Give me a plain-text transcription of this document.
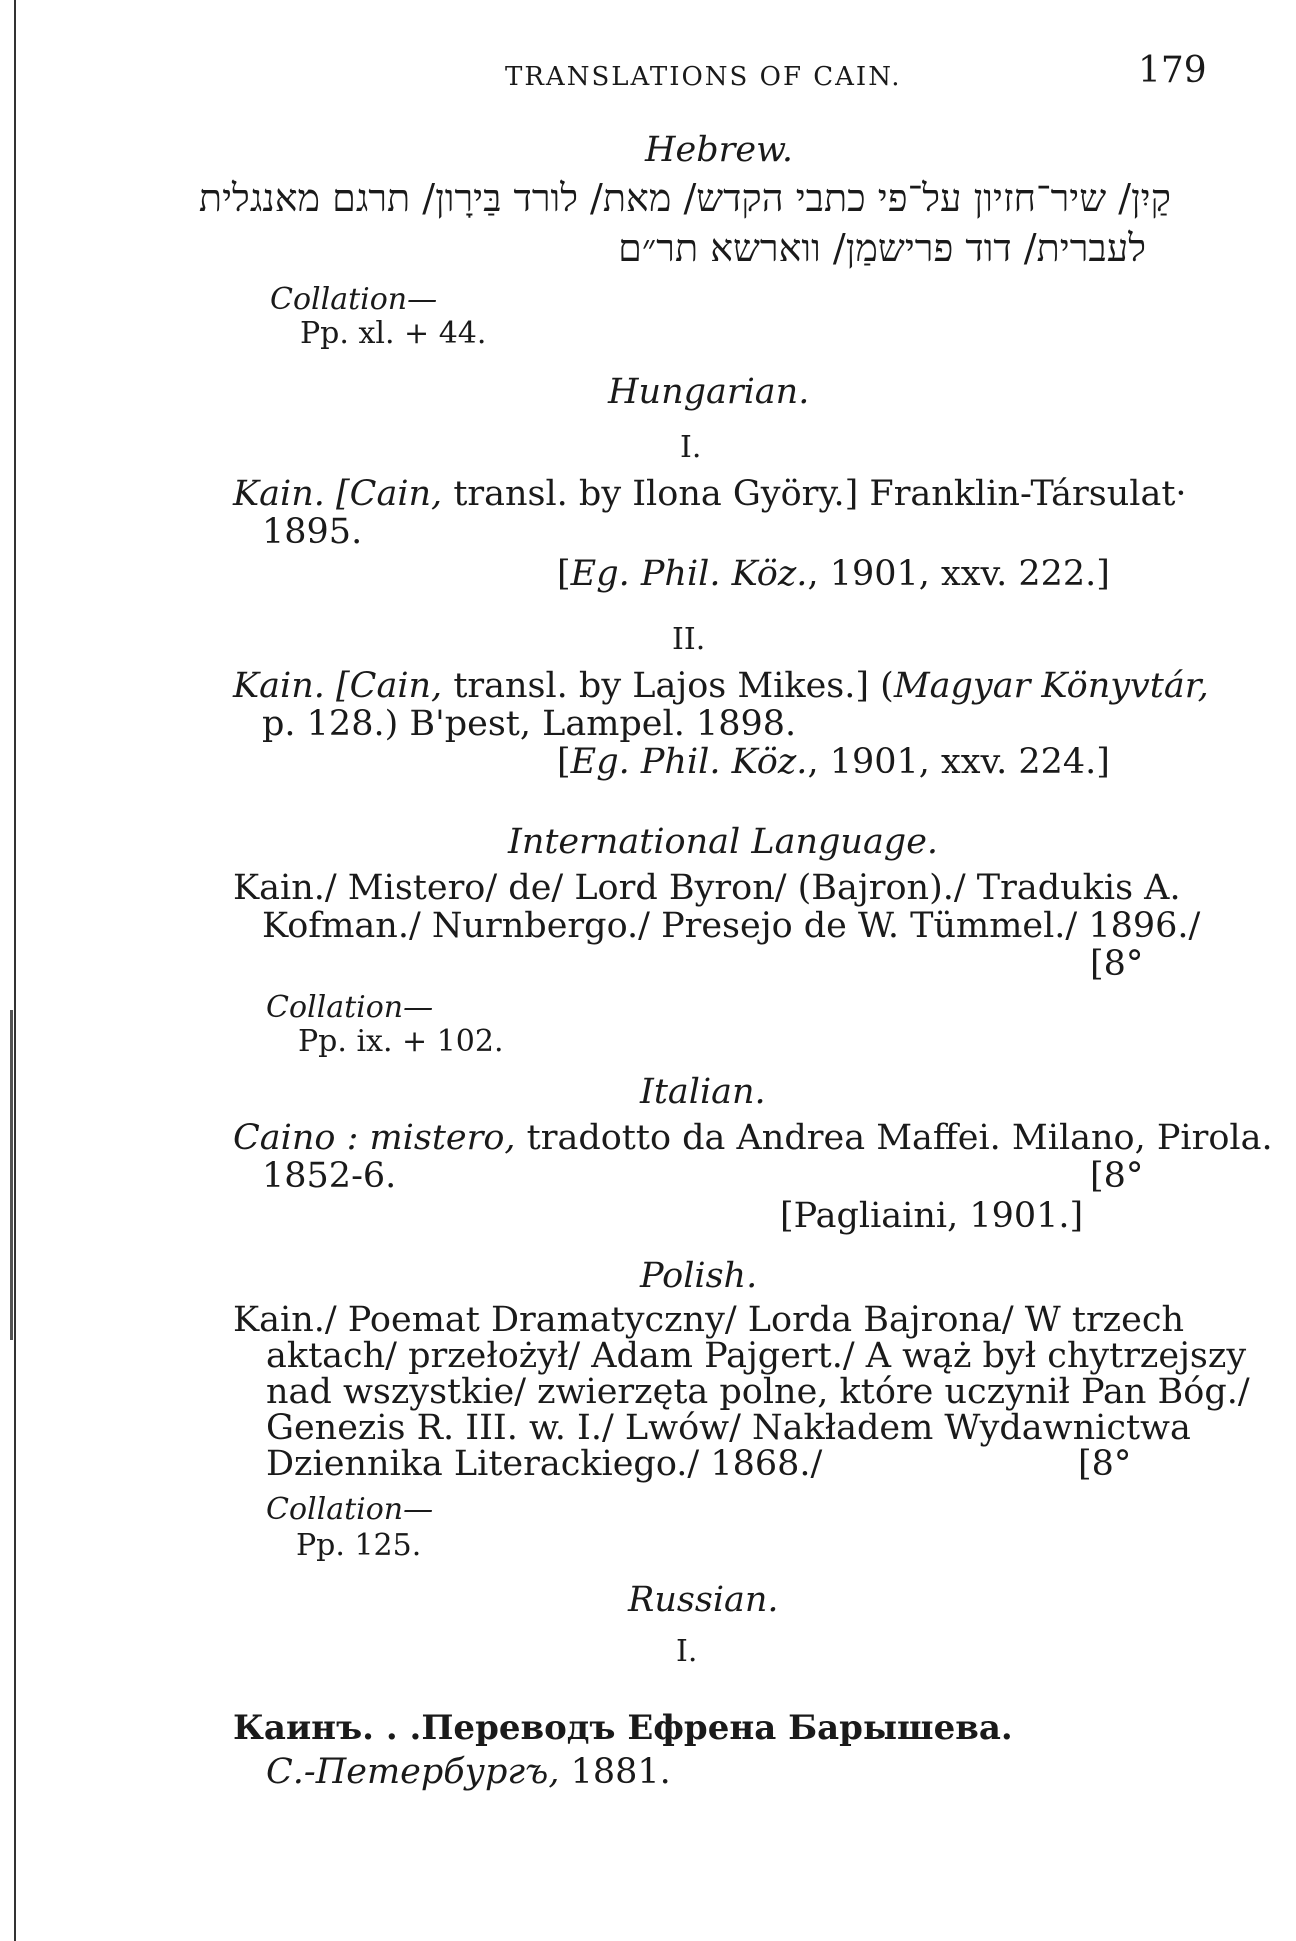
TRANSLATIONS OF CAIN.	179
Hebrew.
קַיִן/ שיר־חזיון על־פי כתבי הקדש/ מאת/ לורד בַּירָון/ תרגם מאנגלית
לעברית/ דוד פרישמַן/ ווארשא תר״ם
Collation—
Pp. xl. + 44.
Hungarian.
I.
Kain. [Cain, transl. by Ilona Györy.] Franklin-Társulat·
1895.
[Eg. Phil. Köz., 1901, xxv. 222.]
II.
Kain. [Cain, transl. by Lajos Mikes.] (Magyar Könyvtár,
p. 128.) B'pest, Lampel. 1898.
[Eg. Phil. Köz., 1901, xxv. 224.]
International Language.
Kain./ Mistero/ de/ Lord Byron/ (Bajron)./ Tradukis A.
Kofman./ Nurnbergo./ Presejo de W. Tümmel./ 1896./
[8°
Collation—
Pp. ix. + 102.
Italian.
Caino : mistero, tradotto da Andrea Maffei. Milano, Pirola.
1852-6.	[8°
[Pagliaini, 1901.]
Polish.
Kain./ Poemat Dramatyczny/ Lorda Bajrona/ W trzech
aktach/ przełożył/ Adam Pajgert./ A wąż był chytrzejszy
nad wszystkie/ zwierzęta polne, które uczynił Pan Bóg./
Genezis R. III. w. I./ Lwów/ Nakładem Wydawnictwa
Dziennika Literackiego./ 1868./	[8°
Collation—
Pp. 125.
Russian.
I.
Каинъ. . .Переводъ Ефрена Барышева.
С.-Петербургъ, 1881.
